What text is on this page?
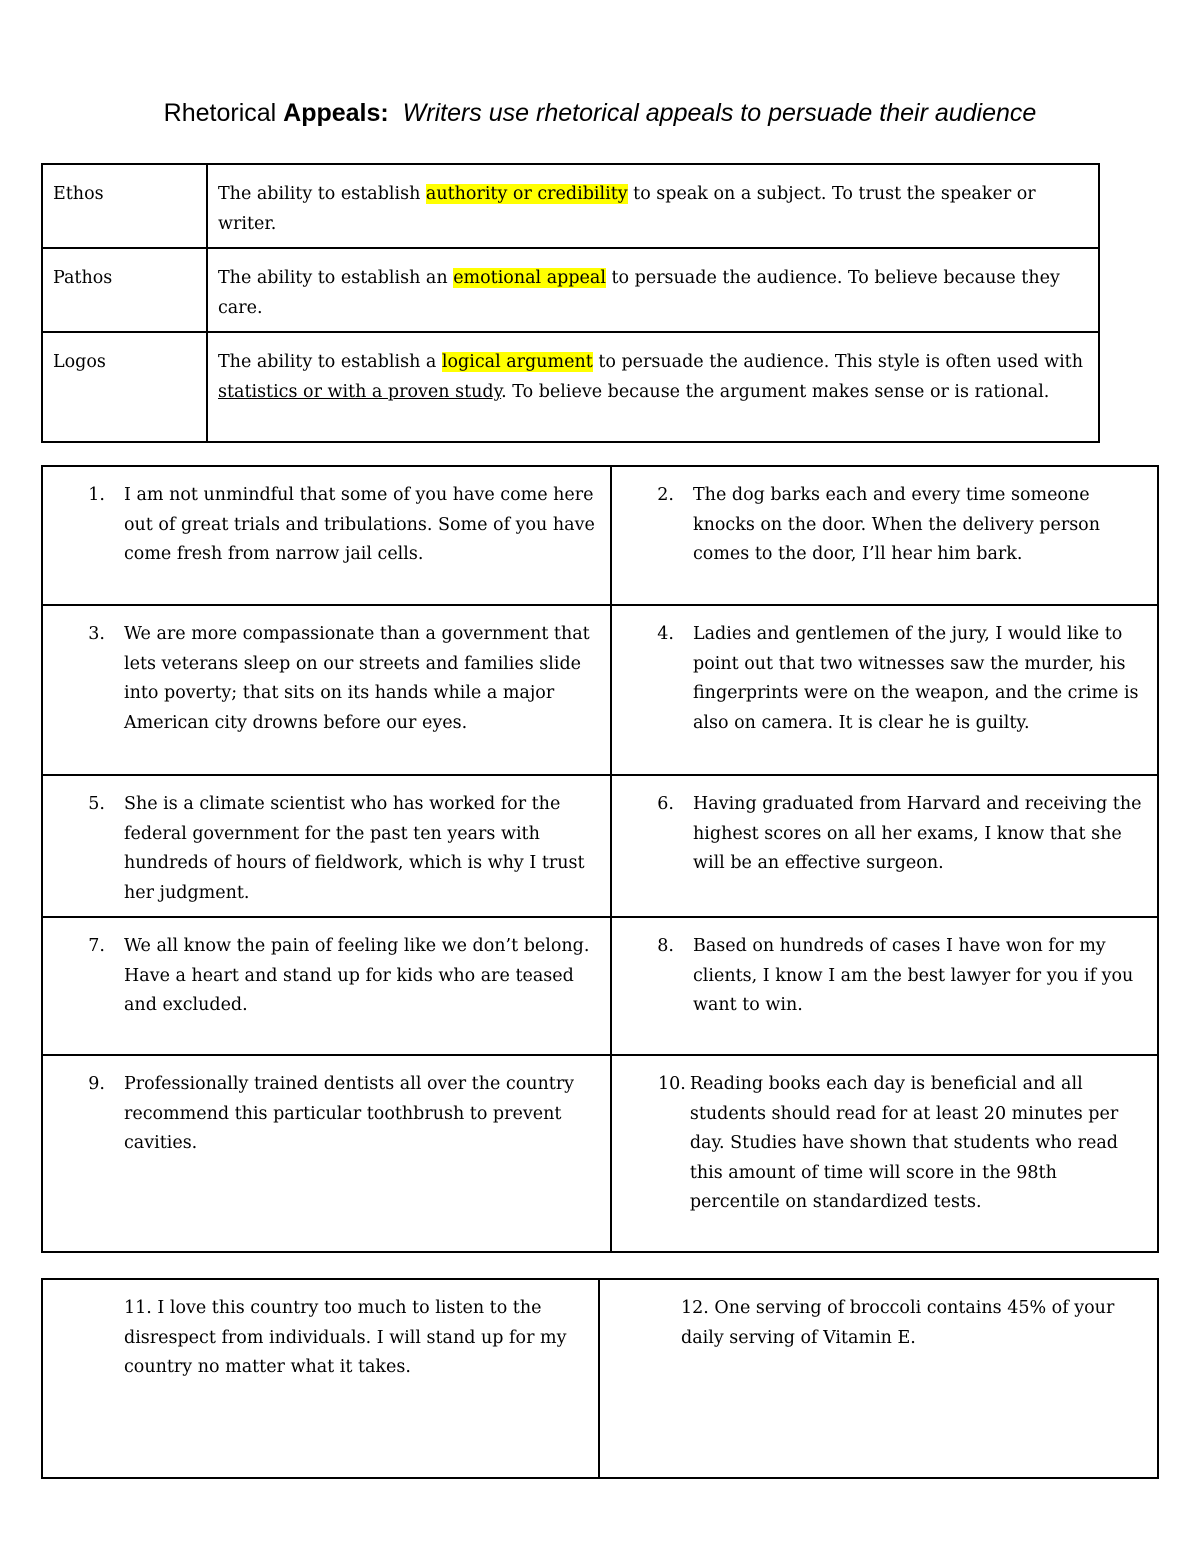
Rhetorical Appeals:  Writers use rhetorical appeals to persuade their audience
Ethos	The ability to establish authority or credibility to speak on a subject. To trust the speaker or writer.
Pathos	The ability to establish an emotional appeal to persuade the audience. To believe because they care.
Logos	The ability to establish a logical argument to persuade the audience. This style is often used with statistics or with a proven study. To believe because the argument makes sense or is rational.
1. I am not unmindful that some of you have come here out of great trials and tribulations. Some of you have come fresh from narrow jail cells.	2. The dog barks each and every time someone knocks on the door. When the delivery person comes to the door, I’ll hear him bark.

3. We are more compassionate than a government that lets veterans sleep on our streets and families slide into poverty; that sits on its hands while a major American city drowns before our eyes.	4. Ladies and gentlemen of the jury, I would like to point out that two witnesses saw the murder, his fingerprints were on the weapon, and the crime is also on camera. It is clear he is guilty.

5. She is a climate scientist who has worked for the federal government for the past ten years with hundreds of hours of fieldwork, which is why I trust her judgment.	6. Having graduated from Harvard and receiving the highest scores on all her exams, I know that she will be an effective surgeon.

7. We all know the pain of feeling like we don’t belong. Have a heart and stand up for kids who are teased and excluded.	8. Based on hundreds of cases I have won for my clients, I know I am the best lawyer for you if you want to win.

9. Professionally trained dentists all over the country recommend this particular toothbrush to prevent cavities.	10. Reading books each day is beneficial and all students should read for at least 20 minutes per day. Studies have shown that students who read this amount of time will score in the 98th percentile on standardized tests.
11. I love this country too much to listen to the disrespect from individuals. I will stand up for my country no matter what it takes.	12. One serving of broccoli contains 45% of your daily serving of Vitamin E.
